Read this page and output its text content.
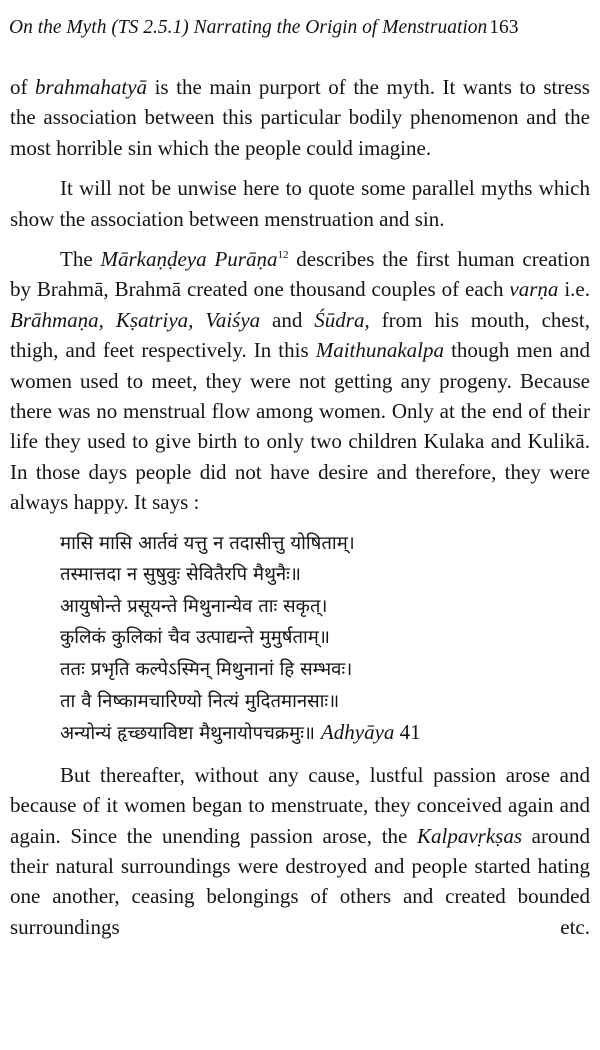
On the Myth (TS 2.5.1) Narrating the Origin of Menstruation 163

of brahmahatyā is the main purport of the myth. It wants to stress the association between this particular bodily phenomenon and the most horrible sin which the people could imagine.

It will not be unwise here to quote some parallel myths which show the association between menstruation and sin.

The Mārkaṇḍeya Purāṇa$^{12}$ describes the first human creation by Brahmā, Brahmā created one thousand couples of each varṇa i.e. Brāhmaṇa, Kṣatriya, Vaiśya and Śūdra, from his mouth, chest, thigh, and feet respectively. In this Maithunakalpa though men and women used to meet, they were not getting any progeny. Because there was no menstrual flow among women. Only at the end of their life they used to give birth to only two children Kulaka and Kulikā. In those days people did not have desire and therefore, they were always happy. It says :

मासि मासि आर्तवं यत्तु न तदासीत्तु योषिताम्।
तस्मात्तदा न सुषुवुः सेवितैरपि मैथुनैः॥
आयुषोन्ते प्रसूयन्ते मिथुनान्येव ताः सकृत्।
कुलिकं कुलिकां चैव उत्पाद्यन्ते मुमुर्षताम्॥
ततः प्रभृति कल्पेऽस्मिन् मिथुनानां हि सम्भवः।
ता वै निष्कामचारिण्यो नित्यं मुदितमानसाः॥
अन्योन्यं हृच्छयाविष्टा मैथुनायोपचक्रमुः॥ Adhyāya 41

But thereafter, without any cause, lustful passion arose and because of it women began to menstruate, they conceived again and again. Since the unending passion arose, the Kalpavṛkṣas around their natural surroundings were destroyed and people started hating one another, ceasing belongings of others and created bounded surroundings etc.
